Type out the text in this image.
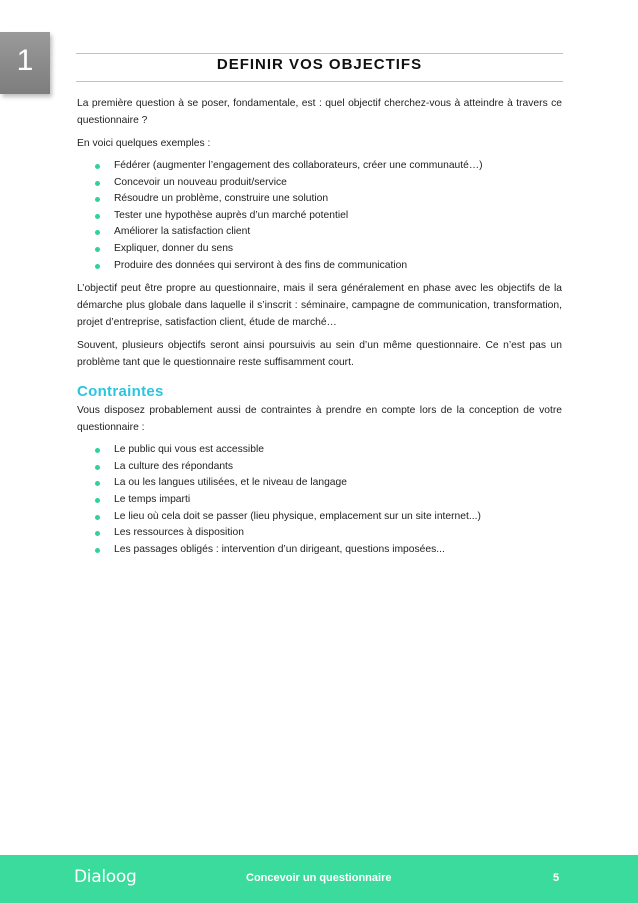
1	DEFINIR VOS OBJECTIFS

La première question à se poser, fondamentale, est : quel objectif cherchez-vous à atteindre à travers ce questionnaire ?

En voici quelques exemples :

Fédérer (augmenter l’engagement des collaborateurs, créer une communauté…)
Concevoir un nouveau produit/service
Résoudre un problème, construire une solution
Tester une hypothèse auprès d’un marché potentiel
Améliorer la satisfaction client
Expliquer, donner du sens
Produire des données qui serviront à des fins de communication

L’objectif peut être propre au questionnaire, mais il sera généralement en phase avec les objectifs de la démarche plus globale dans laquelle il s’inscrit : séminaire, campagne de communication, transformation, projet d’entreprise, satisfaction client, étude de marché…

Souvent, plusieurs objectifs seront ainsi poursuivis au sein d’un même questionnaire. Ce n’est pas un problème tant que le questionnaire reste suffisamment court.

Contraintes

Vous disposez probablement aussi de contraintes à prendre en compte lors de la conception de votre questionnaire :

Le public qui vous est accessible
La culture des répondants
La ou les langues utilisées, et le niveau de langage
Le temps imparti
Le lieu où cela doit se passer (lieu physique, emplacement sur un site internet...)
Les ressources à disposition
Les passages obligés : intervention d’un dirigeant, questions imposées...
Dialoog	Concevoir un questionnaire	5
